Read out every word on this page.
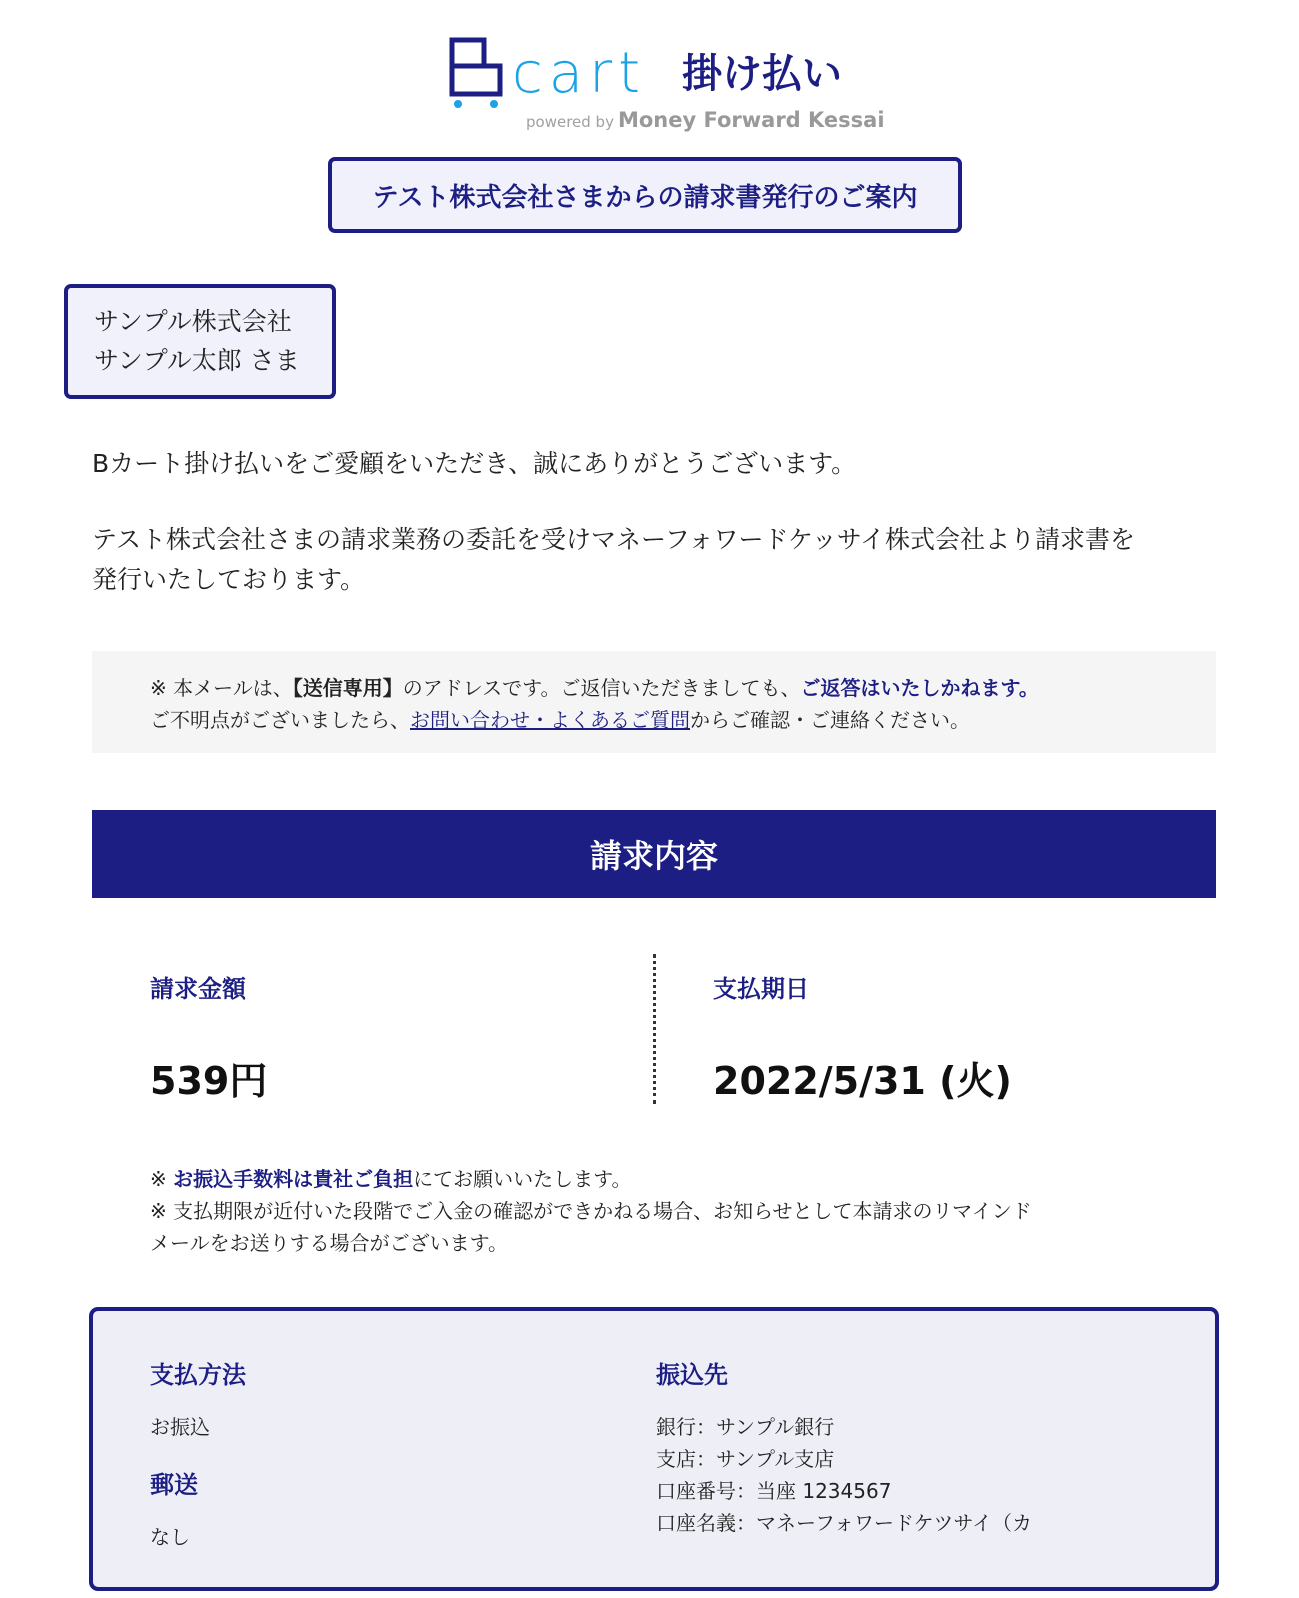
cart 掛け払い
powered by Money Forward Kessai
テスト株式会社さまからの請求書発行のご案内
サンプル株式会社
サンプル太郎 さま
Bカート掛け払いをご愛顧をいただき、誠にありがとうございます。
テスト株式会社さまの請求業務の委託を受けマネーフォワードケッサイ株式会社より請求書を
発行いたしております。
※ 本メールは、【送信専用】のアドレスです。ご返信いただきましても、ご返答はいたしかねます。
ご不明点がございましたら、お問い合わせ・よくあるご質問からご確認・ご連絡ください。
請求内容
請求金額
539円
支払期日
2022/5/31 (火)
※ お振込手数料は貴社ご負担にてお願いいたします。
※ 支払期限が近付いた段階でご入金の確認ができかねる場合、お知らせとして本請求のリマインド
メールをお送りする場合がございます。
支払方法
お振込
郵送
なし
振込先
銀行：サンプル銀行
支店：サンプル支店
口座番号：当座 1234567
口座名義：マネーフォワードケツサイ（カ
